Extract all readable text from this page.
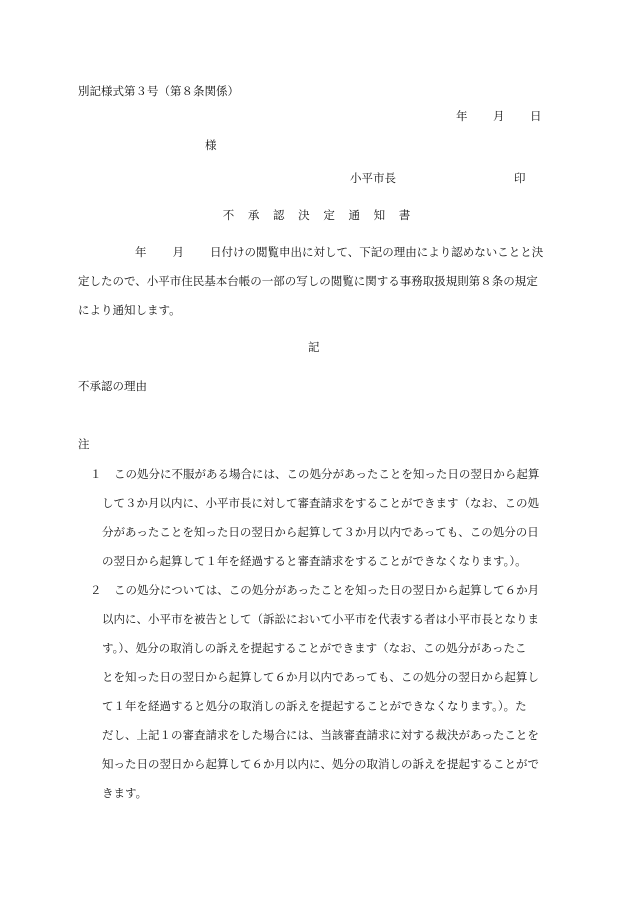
別記様式第３号（第８条関係）
年 月 日
様
小平市長	印
不 承 認 決 定 通 知 書
年 月 日付けの閲覧申出に対して、下記の理由により認めないことと決
定したので、小平市住民基本台帳の一部の写しの閲覧に関する事務取扱規則第８条の規定
により通知します。
記
不承認の理由
注
１	この処分に不服がある場合には、この処分があったことを知った日の翌日から起算
して３か月以内に、小平市長に対して審査請求をすることができます（なお、この処
分があったことを知った日の翌日から起算して３か月以内であっても、この処分の日
の翌日から起算して１年を経過すると審査請求をすることができなくなります。）。
２	この処分については、この処分があったことを知った日の翌日から起算して６か月
以内に、小平市を被告として（訴訟において小平市を代表する者は小平市長となりま
す。）、処分の取消しの訴えを提起することができます（なお、この処分があったこ
とを知った日の翌日から起算して６か月以内であっても、この処分の翌日から起算し
て１年を経過すると処分の取消しの訴えを提起することができなくなります。）。た
だし、上記１の審査請求をした場合には、当該審査請求に対する裁決があったことを
知った日の翌日から起算して６か月以内に、処分の取消しの訴えを提起することがで
きます。
